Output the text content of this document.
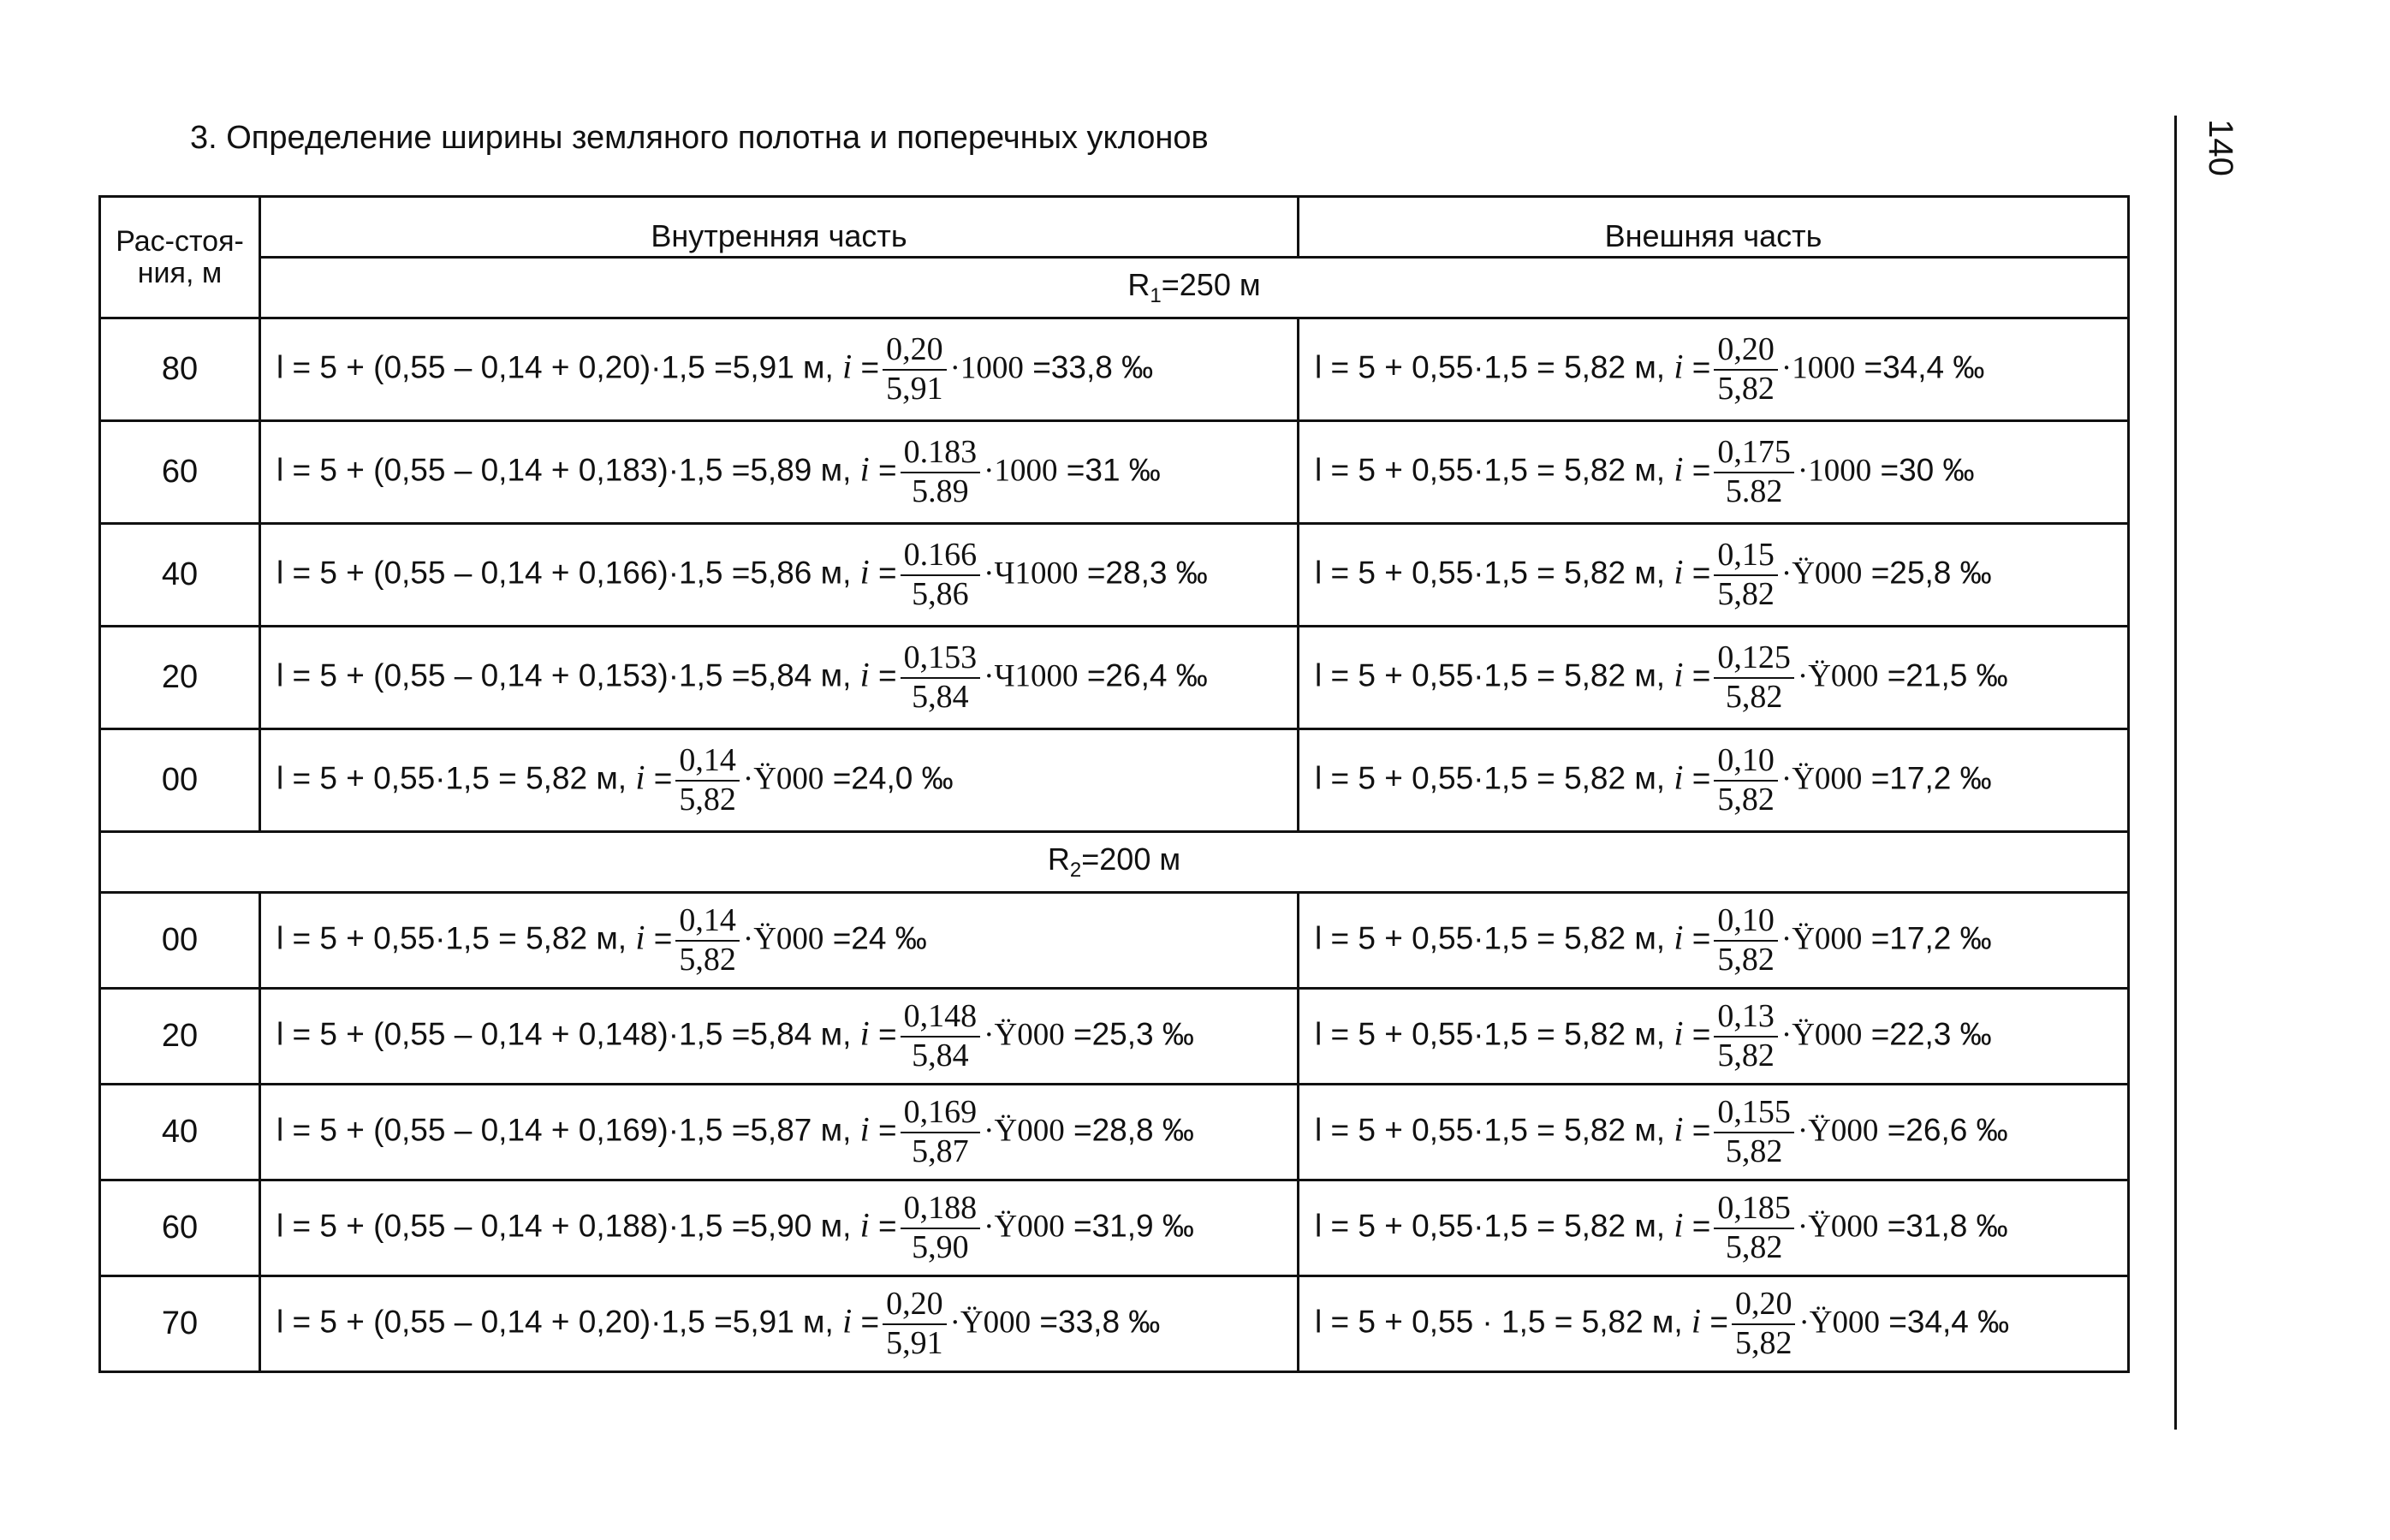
3. Определение ширины земляного полотна и поперечных уклонов	140
Рас-стоя-ния, м	Внутренняя часть	Внешняя часть
	$R_1=250$ м	
80	l = 5 + (0,55 – 0,14 + 0,20)·1,5 =5,91 м, $i = \frac{0,20}{5,91} \cdot 1000 =33,8$ ‰	l = 5 + 0,55·1,5 = 5,82 м, $i = \frac{0,20}{5,82} \cdot 1000 =34,4$ ‰
60	l = 5 + (0,55 – 0,14 + 0,183)·1,5 =5,89 м, $i = \frac{0.183}{5.89} \cdot 1000 =31$ ‰	l = 5 + 0,55·1,5 = 5,82 м, $i = \frac{0,175}{5.82} \cdot 1000 =30$ ‰
40	l = 5 + (0,55 – 0,14 + 0,166)·1,5 =5,86 м, $i = \frac{0.166}{5,86} \cdot Ч1000 =28,3$ ‰	l = 5 + 0,55·1,5 = 5,82 м, $i = \frac{0,15}{5,82}$ ·Ÿ000 =25,8 ‰
20	l = 5 + (0,55 – 0,14 + 0,153)·1,5 =5,84 м, $i = \frac{0,153}{5,84} \cdot Ч1000 =26,4$ ‰	l = 5 + 0,55·1,5 = 5,82 м, $i = \frac{0,125}{5,82}$ ·Ÿ000 =21,5 ‰
00	l = 5 + 0,55·1,5 = 5,82 м, $i = \frac{0,14}{5,82}$ ·Ÿ000 =24,0 ‰	l = 5 + 0,55·1,5 = 5,82 м, $i = \frac{0,10}{5,82}$ ·Ÿ000 =17,2 ‰
$R_2=200$ м		
00	l = 5 + 0,55·1,5 = 5,82 м, $i = \frac{0,14}{5,82}$ ·Ÿ000 =24 ‰	l = 5 + 0,55·1,5 = 5,82 м, $i = \frac{0,10}{5,82}$ ·Ÿ000 =17,2 ‰
20	l = 5 + (0,55 – 0,14 + 0,148)·1,5 =5,84 м, $i = \frac{0,148}{5,84}$ ·Ÿ000 =25,3 ‰	l = 5 + 0,55·1,5 = 5,82 м, $i = \frac{0,13}{5,82}$ ·Ÿ000 =22,3 ‰
40	l = 5 + (0,55 – 0,14 + 0,169)·1,5 =5,87 м, $i = \frac{0,169}{5,87}$ ·Ÿ000 =28,8 ‰	l = 5 + 0,55·1,5 = 5,82 м, $i = \frac{0,155}{5,82}$ ·Ÿ000 =26,6 ‰
60	l = 5 + (0,55 – 0,14 + 0,188)·1,5 =5,90 м, $i = \frac{0,188}{5,90}$ ·Ÿ000 =31,9 ‰	l = 5 + 0,55·1,5 = 5,82 м, $i = \frac{0,185}{5,82}$ ·Ÿ000 =31,8 ‰
70	l = 5 + (0,55 – 0,14 + 0,20)·1,5 =5,91 м, $i = \frac{0,20}{5,91}$ ·Ÿ000 =33,8 ‰	l = 5 + 0,55 · 1,5 = 5,82 м, $i = \frac{0,20}{5,82}$ ·Ÿ000 =34,4 ‰
